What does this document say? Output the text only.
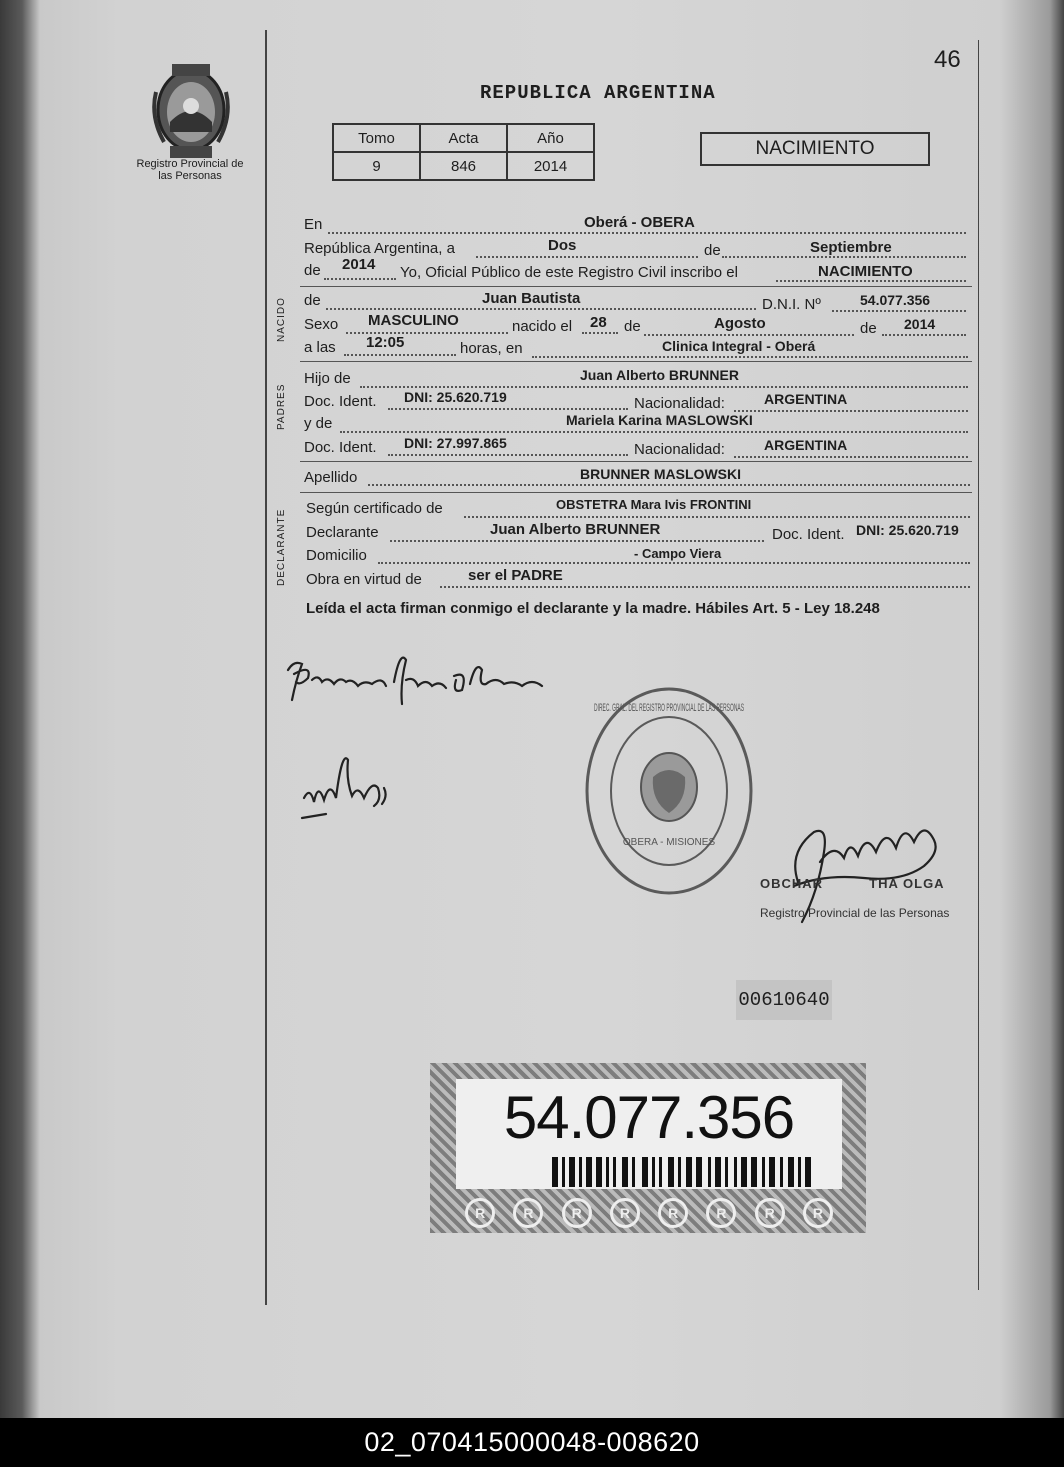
46
Registro Provincial de las Personas
REPUBLICA ARGENTINA
Tomo	Acta	Año
9	846	2014
NACIMIENTO
En	Oberá - OBERA
República Argentina, a	Dos	de	Septiembre
de 2014 Yo, Oficial Público de este Registro Civil inscribo el	NACIMIENTO
NACIDO de	Juan Bautista	D.N.I. Nº	54.077.356
Sexo MASCULINO	nacido el 28 de	Agosto	de 2014
a las 12:05	horas, en	Clinica Integral - Oberá
PADRES
Hijo de	Juan Alberto BRUNNER
Doc. Ident. DNI: 25.620.719	Nacionalidad:	ARGENTINA
y de	Mariela Karina MASLOWSKI
Doc. Ident. DNI: 27.997.865	Nacionalidad:	ARGENTINA
Apellido	BRUNNER MASLOWSKI
DECLARANTE
Según certificado de	OBSTETRA Mara Ivis FRONTINI
Declarante	Juan Alberto BRUNNER	Doc. Ident. DNI: 25.620.719
Domicilio	- Campo Viera
Obra en virtud de	ser el PADRE
Leída el acta firman conmigo el declarante y la madre. Hábiles Art. 5 - Ley 18.248
DIREC. GRAL. DEL REGISTRO PROVINCIAL DE LAS PERSONAS
OBERA - MISIONES
OBCHAR          THA OLGA
Registro Provincial de las Personas
00610640
54.077.356
R	R	R	R	R	R	R	R
02_070415000048-008620
